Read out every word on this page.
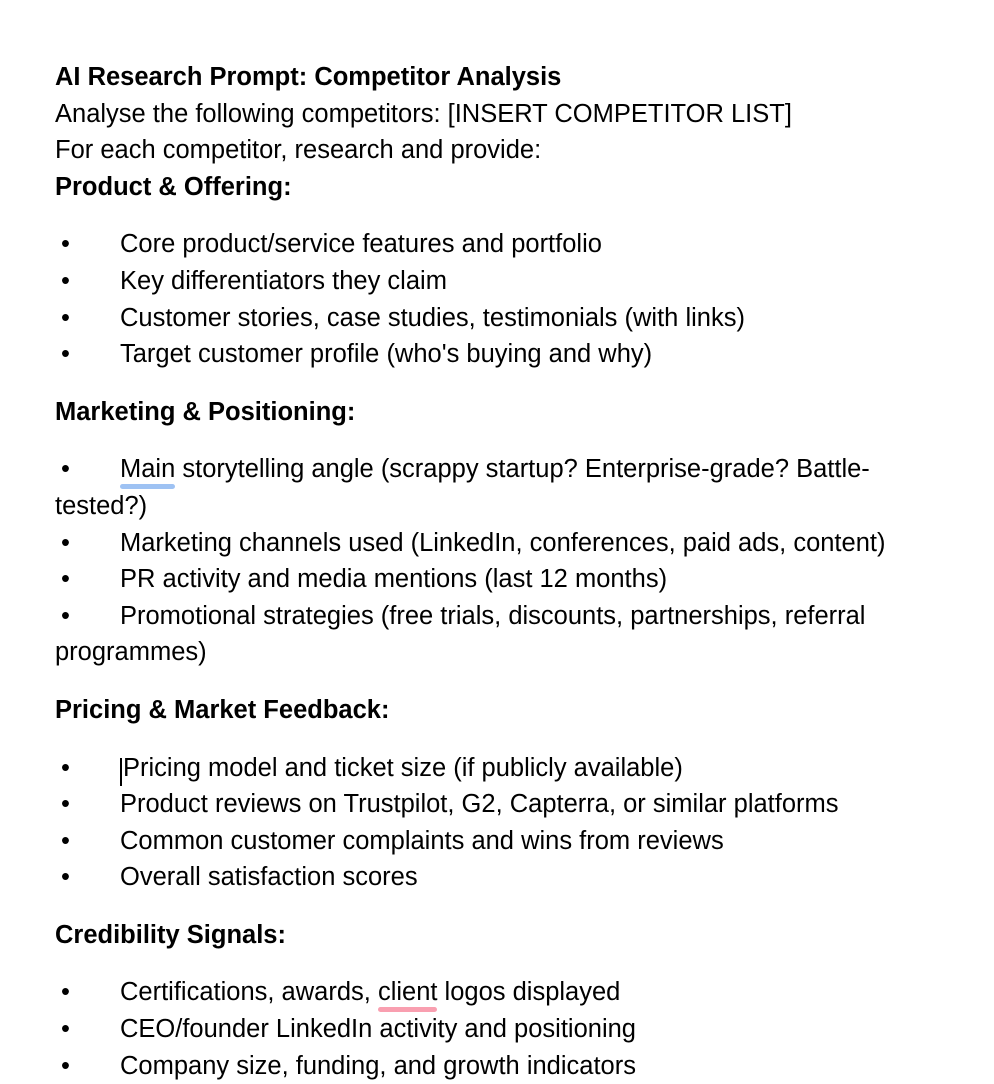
AI Research Prompt: Competitor Analysis

Analyse the following competitors: [INSERT COMPETITOR LIST]

For each competitor, research and provide:

Product & Offering:

• Core product/service features and portfolio
• Key differentiators they claim
• Customer stories, case studies, testimonials (with links)
• Target customer profile (who's buying and why)

Marketing & Positioning:

• Main storytelling angle (scrappy startup? Enterprise-grade? Battle-tested?)
• Marketing channels used (LinkedIn, conferences, paid ads, content)
• PR activity and media mentions (last 12 months)
• Promotional strategies (free trials, discounts, partnerships, referral programmes)

Pricing & Market Feedback:

• Pricing model and ticket size (if publicly available)
• Product reviews on Trustpilot, G2, Capterra, or similar platforms
• Common customer complaints and wins from reviews
• Overall satisfaction scores

Credibility Signals:

• Certifications, awards, client logos displayed
• CEO/founder LinkedIn activity and positioning
• Company size, funding, and growth indicators
